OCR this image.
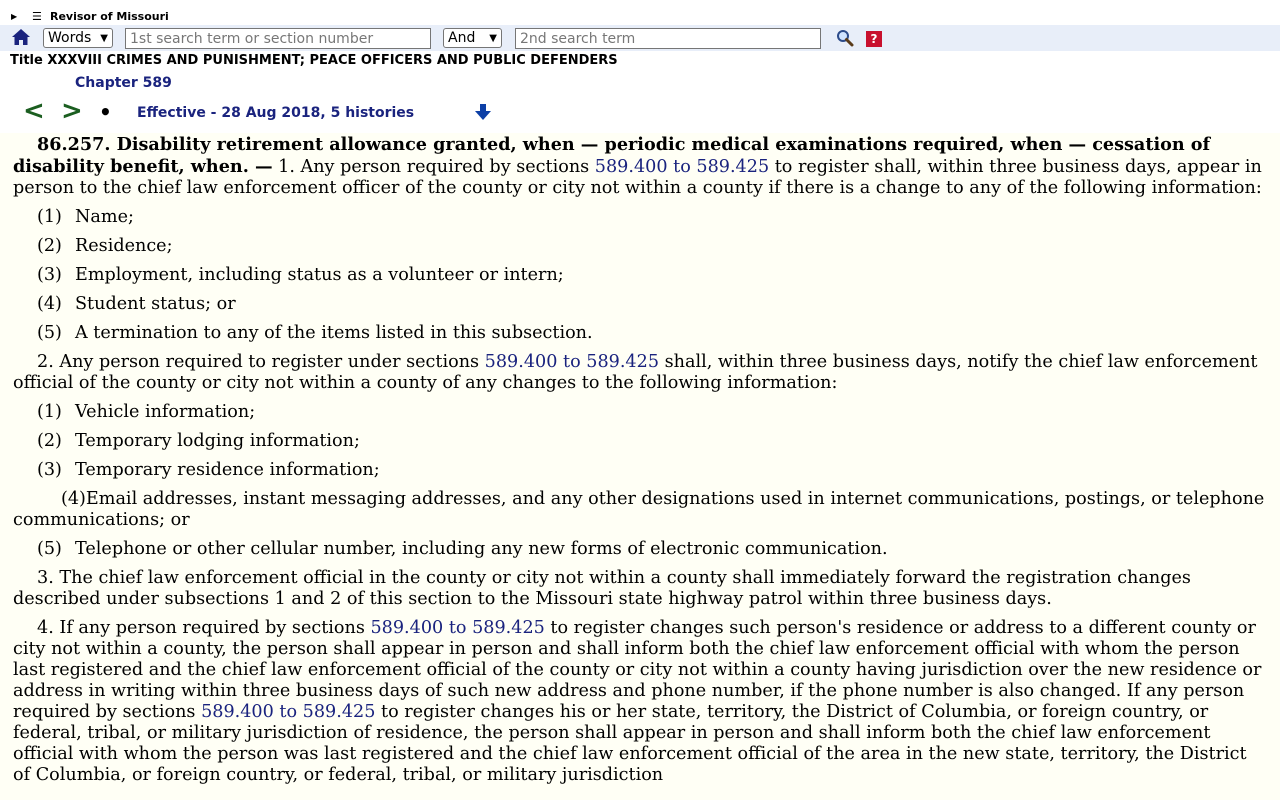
▶	☰ Revisor of Missouri
Words ▼
1st search term or section number	And	▼
2nd search term	?
Title XXXVIII CRIMES AND PUNISHMENT; PEACE OFFICERS AND PUBLIC DEFENDERS
Chapter 589
< > • Effective - 28 Aug 2018, 5 histories

86.257. Disability retirement allowance granted, when — periodic medical examinations required, when — cessation of disability benefit, when. — 1. Any person required by sections 589.400 to 589.425 to register shall, within three business days, appear in person to the chief law enforcement officer of the county or city not within a county if there is a change to any of the following information:

(1) Name;

(2) Residence;

(3) Employment, including status as a volunteer or intern;

(4) Student status; or

(5) A termination to any of the items listed in this subsection.

2. Any person required to register under sections 589.400 to 589.425 shall, within three business days, notify the chief law enforcement official of the county or city not within a county of any changes to the following information:

(1) Vehicle information;

(2) Temporary lodging information;

(3) Temporary residence information;

(4)Email addresses, instant messaging addresses, and any other designations used in internet communications, postings, or telephone communications; or

(5) Telephone or other cellular number, including any new forms of electronic communication.

3. The chief law enforcement official in the county or city not within a county shall immediately forward the registration changes described under subsections 1 and 2 of this section to the Missouri state highway patrol within three business days.

4. If any person required by sections 589.400 to 589.425 to register changes such person's residence or address to a different county or city not within a county, the person shall appear in person and shall inform both the chief law enforcement official with whom the person last registered and the chief law enforcement official of the county or city not within a county having jurisdiction over the new residence or address in writing within three business days of such new address and phone number, if the phone number is also changed. If any person required by sections 589.400 to 589.425 to register changes his or her state, territory, the District of Columbia, or foreign country, or federal, tribal, or military jurisdiction of residence, the person shall appear in person and shall inform both the chief law enforcement official with whom the person was last registered and the chief law enforcement official of the area in the new state, territory, the District of Columbia, or foreign country, or federal, tribal, or military jurisdiction
